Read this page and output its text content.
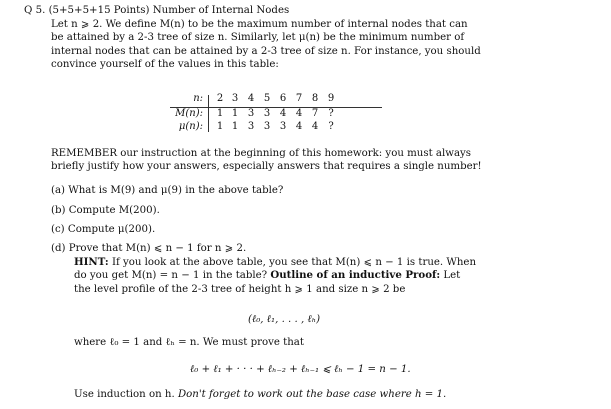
Q 5. (5+5+5+15 Points) Number of Internal Nodes
Let n ⩾ 2. We define M(n) to be the maximum number of internal nodes that can
be attained by a 2-3 tree of size n. Similarly, let μ(n) be the minimum number of
internal nodes that can be attained by a 2-3 tree of size n. For instance, you should
convince yourself of the values in this table:
n:	2 3 4 5 6 7 8 9
M(n):	1 1 3 3 4 4 7	?
μ(n):	1 1 3 3 3 4 4	?
REMEMBER our instruction at the beginning of this homework: you must always
briefly justify how your answers, especially answers that requires a single number!
(a) What is M(9) and μ(9) in the above table?
(b) Compute M(200).
(c) Compute μ(200).
(d) Prove that M(n) ⩽ n − 1 for n ⩾ 2.
HINT: If you look at the above table, you see that M(n) ⩽ n − 1 is true. When
do you get M(n) = n − 1 in the table? Outline of an inductive Proof: Let
the level profile of the 2-3 tree of height h ⩾ 1 and size n ⩾ 2 be
(ℓ₀, ℓ₁, . . . , ℓₕ)
where ℓ₀ = 1 and ℓₕ = n. We must prove that
ℓ₀ + ℓ₁ + · · · + ℓₕ₋₂ + ℓₕ₋₁ ⩽ ℓₕ − 1 = n − 1.
Use induction on h. Don't forget to work out the base case where h = 1.
